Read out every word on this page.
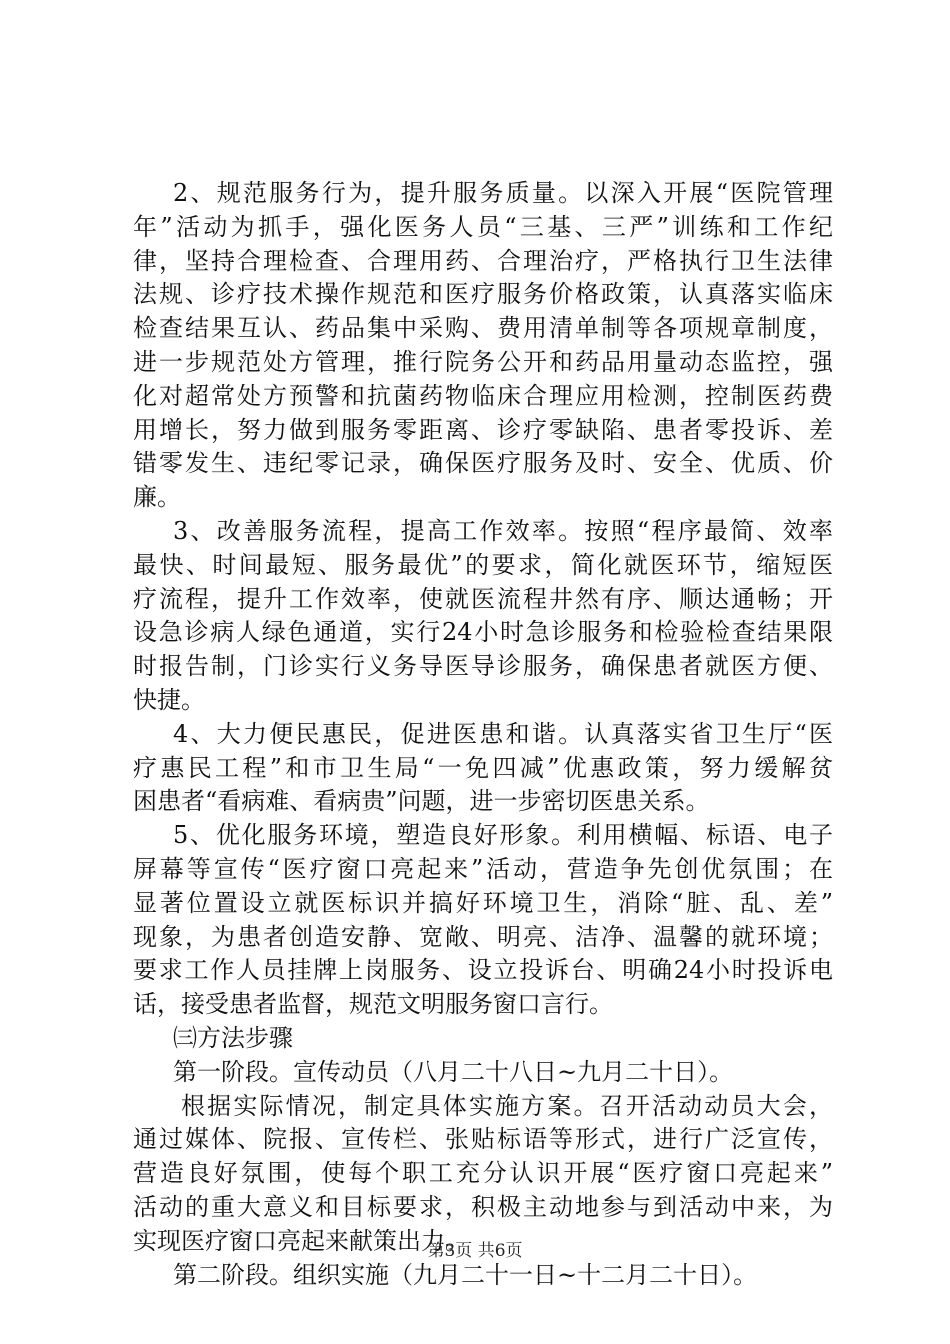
2、规范服务行为，提升服务质量。以深入开展“医院管理
年”活动为抓手，强化医务人员“三基、三严”训练和工作纪
律，坚持合理检查、合理用药、合理治疗，严格执行卫生法律
法规、诊疗技术操作规范和医疗服务价格政策，认真落实临床
检查结果互认、药品集中采购、费用清单制等各项规章制度，
进一步规范处方管理，推行院务公开和药品用量动态监控，强
化对超常处方预警和抗菌药物临床合理应用检测，控制医药费
用增长，努力做到服务零距离、诊疗零缺陷、患者零投诉、差
错零发生、违纪零记录，确保医疗服务及时、安全、优质、价
廉。
3、改善服务流程，提高工作效率。按照“程序最简、效率
最快、时间最短、服务最优”的要求，简化就医环节，缩短医
疗流程，提升工作效率，使就医流程井然有序、顺达通畅；开
设急诊病人绿色通道，实行24小时急诊服务和检验检查结果限
时报告制，门诊实行义务导医导诊服务，确保患者就医方便、
快捷。
4、大力便民惠民，促进医患和谐。认真落实省卫生厅“医
疗惠民工程”和市卫生局“一免四减”优惠政策，努力缓解贫
困患者“看病难、看病贵”问题，进一步密切医患关系。
5、优化服务环境，塑造良好形象。利用横幅、标语、电子
屏幕等宣传“医疗窗口亮起来”活动，营造争先创优氛围；在
显著位置设立就医标识并搞好环境卫生，消除“脏、乱、差”
现象，为患者创造安静、宽敞、明亮、洁净、温馨的就环境；
要求工作人员挂牌上岗服务、设立投诉台、明确24小时投诉电
话，接受患者监督，规范文明服务窗口言行。
㈢方法步骤
第一阶段。宣传动员（八月二十八日~九月二十日）。
根据实际情况，制定具体实施方案。召开活动动员大会，
通过媒体、院报、宣传栏、张贴标语等形式，进行广泛宣传，
营造良好氛围，使每个职工充分认识开展“医疗窗口亮起来”
活动的重大意义和目标要求，积极主动地参与到活动中来，为
实现医疗窗口亮起来献策出力。
第二阶段。组织实施（九月二十一日~十二月二十日）。
第3页 共6页
